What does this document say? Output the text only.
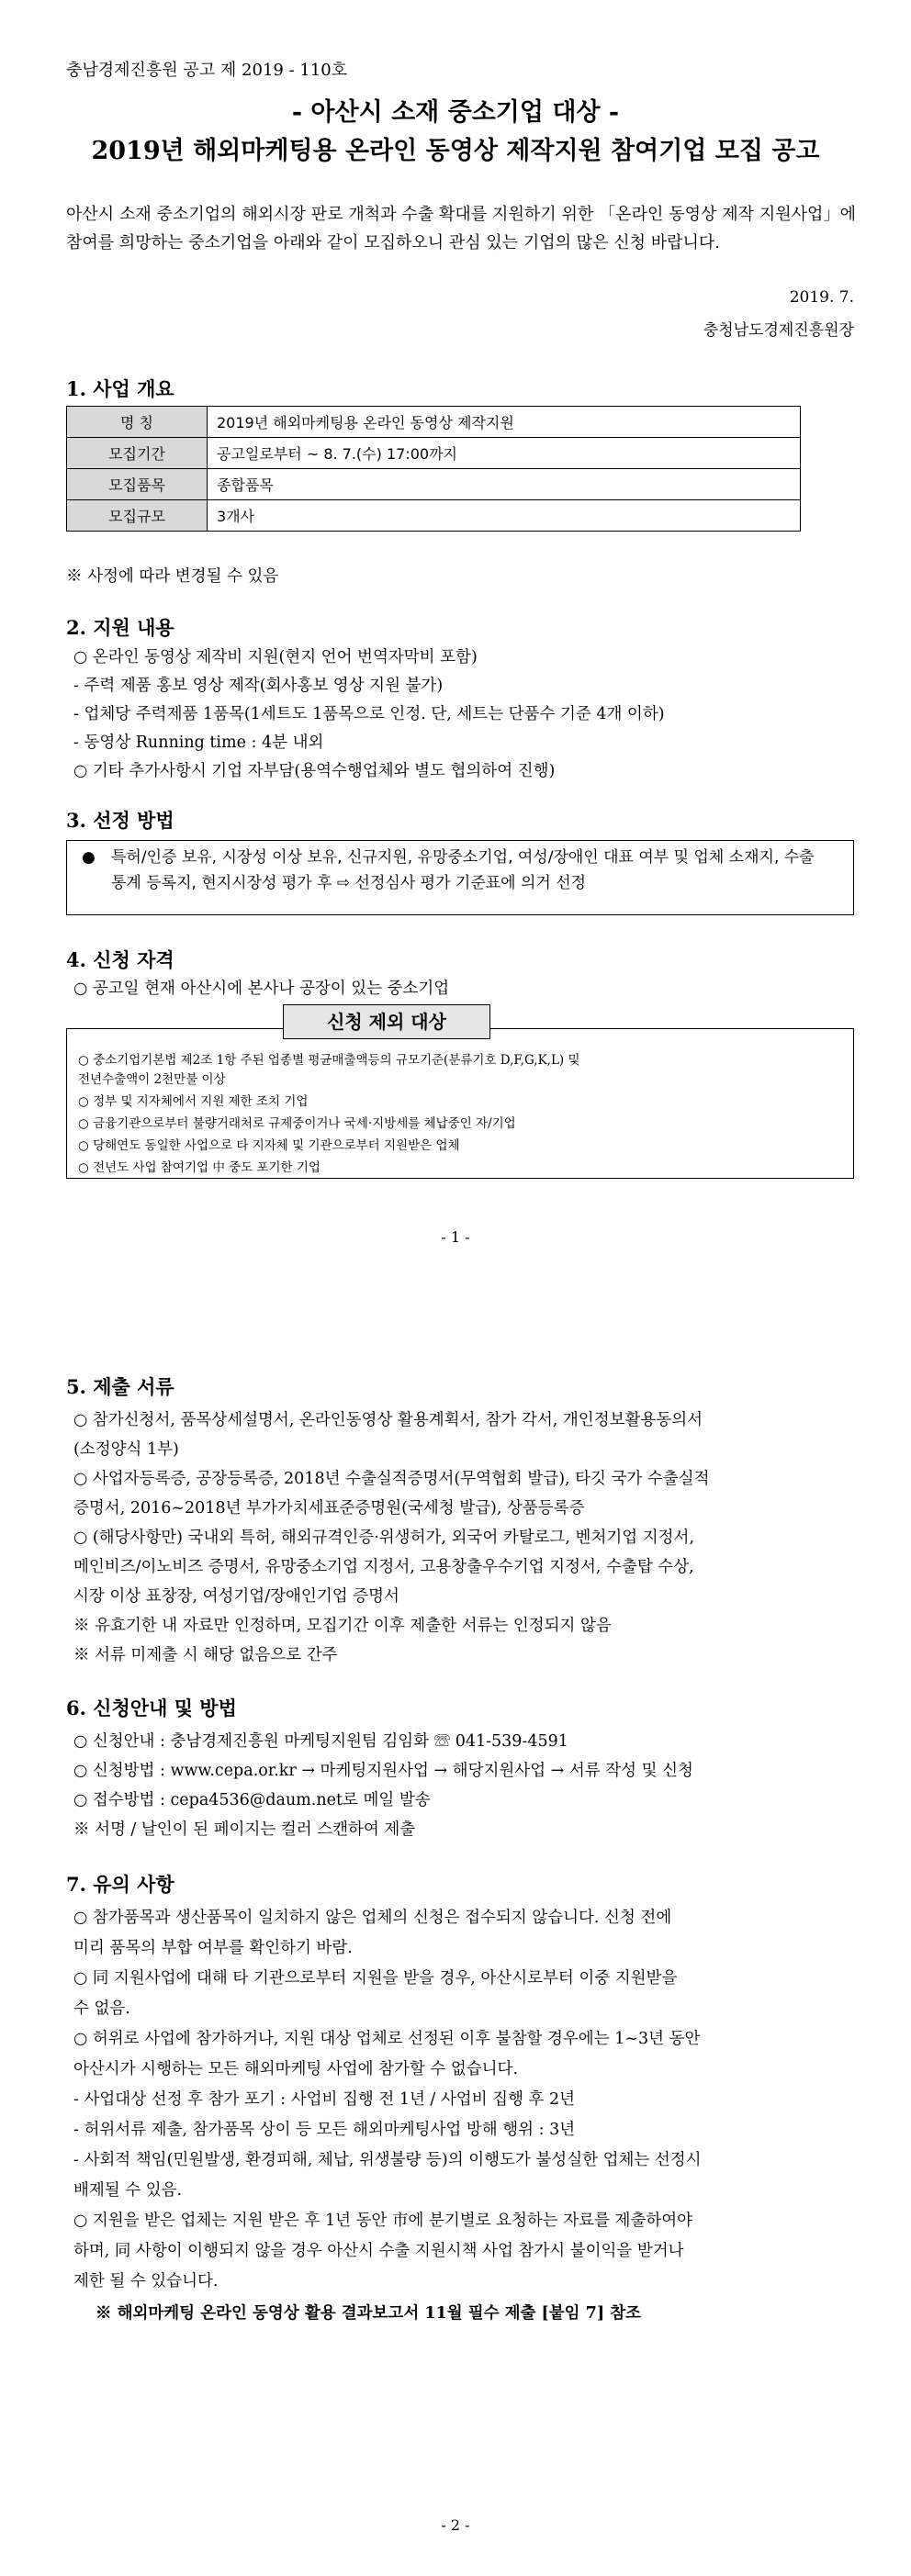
충남경제진흥원 공고 제 2019 - 110호
- 아산시 소재 중소기업 대상 -
2019년 해외마케팅용 온라인 동영상 제작지원 참여기업 모집 공고
아산시 소재 중소기업의 해외시장 판로 개척과 수출 확대를 지원하기 위한 「온라인 동영상 제작 지원사업」에 참여를 희망하는 중소기업을 아래와 같이 모집하오니 관심 있는 기업의 많은 신청 바랍니다.
2019. 7.
충청남도경제진흥원장
1. 사업 개요
명 칭	2019년 해외마케팅용 온라인 동영상 제작지원
모집기간	공고일로부터 ~ 8. 7.(수) 17:00까지
모집품목	종합품목
모집규모	3개사
※ 사정에 따라 변경될 수 있음
2. 지원 내용
○ 온라인 동영상 제작비 지원(현지 언어 번역자막비 포함)
- 주력 제품 홍보 영상 제작(회사홍보 영상 지원 불가)
- 업체당 주력제품 1품목(1세트도 1품목으로 인정. 단, 세트는 단품수 기준 4개 이하)
- 동영상 Running time : 4분 내외
○ 기타 추가사항시 기업 자부담(용역수행업체와 별도 협의하여 진행)
3. 선정 방법
● 특허/인증 보유, 시장성 이상 보유, 신규지원, 유망중소기업, 여성/장애인 대표 여부 및 업체 소재지, 수출통계 등록지, 현지시장성 평가 후 ⇨ 선정심사 평가 기준표에 의거 선정
4. 신청 자격
○ 공고일 현재 아산시에 본사나 공장이 있는 중소기업
신청 제외 대상
○ 중소기업기본법 제2조 1항 주된 업종별 평균매출액등의 규모기준(분류기호 D,F,G,K,L) 및
전년수출액이 2천만불 이상
○ 정부 및 지자체에서 지원 제한 조치 기업
○ 금융기관으로부터 불량거래처로 규제중이거나 국세·지방세를 체납중인 자/기업
○ 당해연도 동일한 사업으로 타 지자체 및 기관으로부터 지원받은 업체
○ 전년도 사업 참여기업 中 중도 포기한 기업
- 1 -
5. 제출 서류
○ 참가신청서, 품목상세설명서, 온라인동영상 활용계획서, 참가 각서, 개인정보활용동의서
(소정양식 1부)
○ 사업자등록증, 공장등록증, 2018년 수출실적증명서(무역협회 발급), 타깃 국가 수출실적
증명서, 2016~2018년 부가가치세표준증명원(국세청 발급), 상품등록증
○ (해당사항만) 국내외 특허, 해외규격인증·위생허가, 외국어 카탈로그, 벤처기업 지정서,
메인비즈/이노비즈 증명서, 유망중소기업 지정서, 고용창출우수기업 지정서, 수출탑 수상,
시장 이상 표창장, 여성기업/장애인기업 증명서
※ 유효기한 내 자료만 인정하며, 모집기간 이후 제출한 서류는 인정되지 않음
※ 서류 미제출 시 해당 없음으로 간주
6. 신청안내 및 방법
○ 신청안내 : 충남경제진흥원 마케팅지원팀 김임화 ☏ 041-539-4591
○ 신청방법 : www.cepa.or.kr → 마케팅지원사업 → 해당지원사업 → 서류 작성 및 신청
○ 접수방법 : cepa4536@daum.net로 메일 발송
※ 서명 / 날인이 된 페이지는 컬러 스캔하여 제출
7. 유의 사항
○ 참가품목과 생산품목이 일치하지 않은 업체의 신청은 접수되지 않습니다. 신청 전에
미리 품목의 부합 여부를 확인하기 바람.
○ 同 지원사업에 대해 타 기관으로부터 지원을 받을 경우, 아산시로부터 이중 지원받을
수 없음.
○ 허위로 사업에 참가하거나, 지원 대상 업체로 선정된 이후 불참할 경우에는 1~3년 동안
아산시가 시행하는 모든 해외마케팅 사업에 참가할 수 없습니다.
- 사업대상 선정 후 참가 포기 : 사업비 집행 전 1년 / 사업비 집행 후 2년
- 허위서류 제출, 참가품목 상이 등 모든 해외마케팅사업 방해 행위 : 3년
- 사회적 책임(민원발생, 환경피해, 체납, 위생불량 등)의 이행도가 불성실한 업체는 선정시
배제될 수 있음.
○ 지원을 받은 업체는 지원 받은 후 1년 동안 市에 분기별로 요청하는 자료를 제출하여야
하며, 同 사항이 이행되지 않을 경우 아산시 수출 지원시책 사업 참가시 불이익을 받거나
제한 될 수 있습니다.
※ 해외마케팅 온라인 동영상 활용 결과보고서 11월 필수 제출 [붙임 7] 참조
- 2 -
